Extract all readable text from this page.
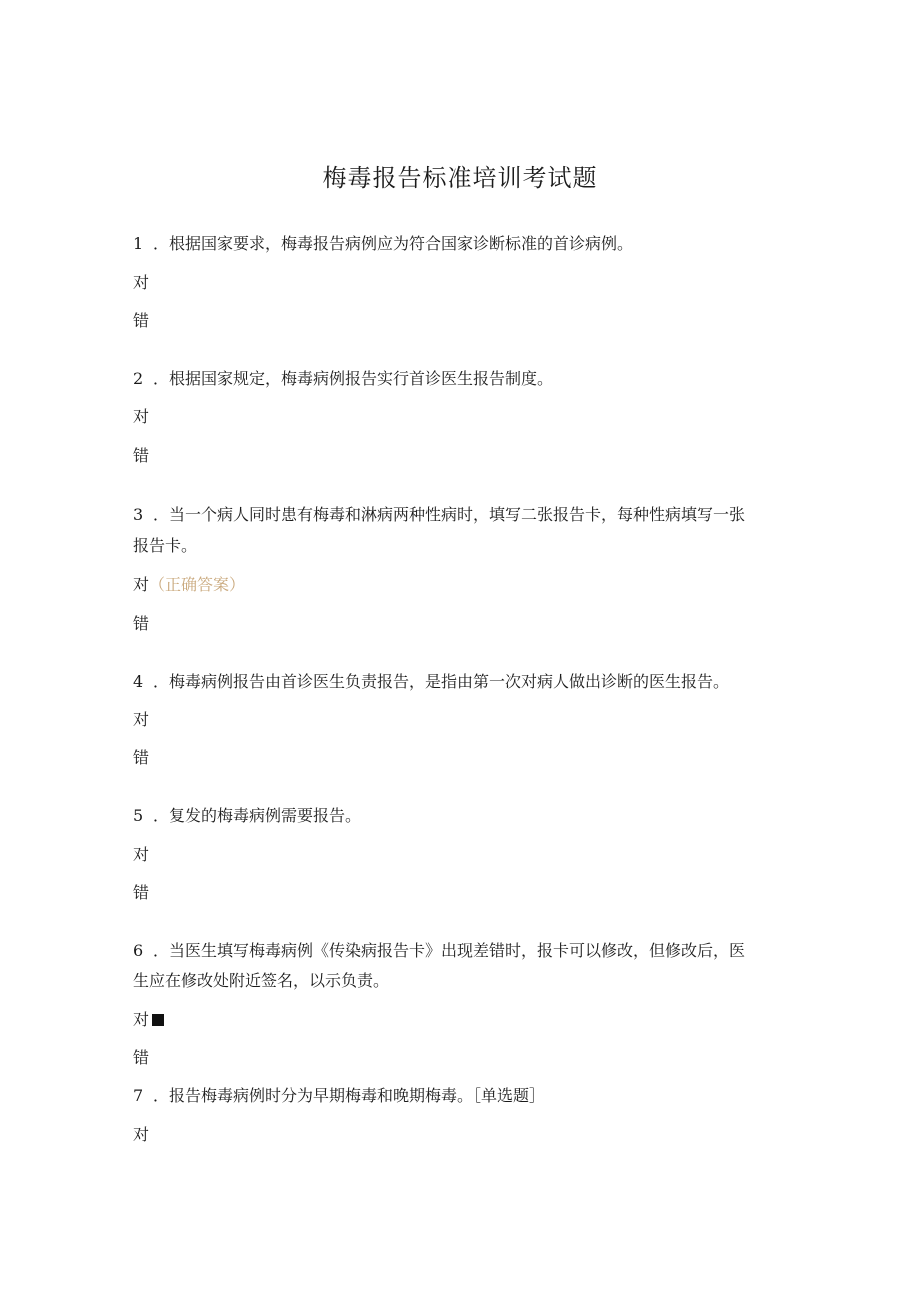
梅毒报告标准培训考试题
1 ．根据国家要求，梅毒报告病例应为符合国家诊断标准的首诊病例。
对
错
2 ．根据国家规定，梅毒病例报告实行首诊医生报告制度。
对
错
3 ．当一个病人同时患有梅毒和淋病两种性病时，填写二张报告卡，每种性病填写一张
报告卡。
对（正确答案）
错
4 ．梅毒病例报告由首诊医生负责报告，是指由第一次对病人做出诊断的医生报告。
对
错
5 ．复发的梅毒病例需要报告。
对
错
6 ．当医生填写梅毒病例《传染病报告卡》出现差错时，报卡可以修改，但修改后，医
生应在修改处附近签名，以示负责。
对
错
7 ．报告梅毒病例时分为早期梅毒和晚期梅毒。［单选题］
对
